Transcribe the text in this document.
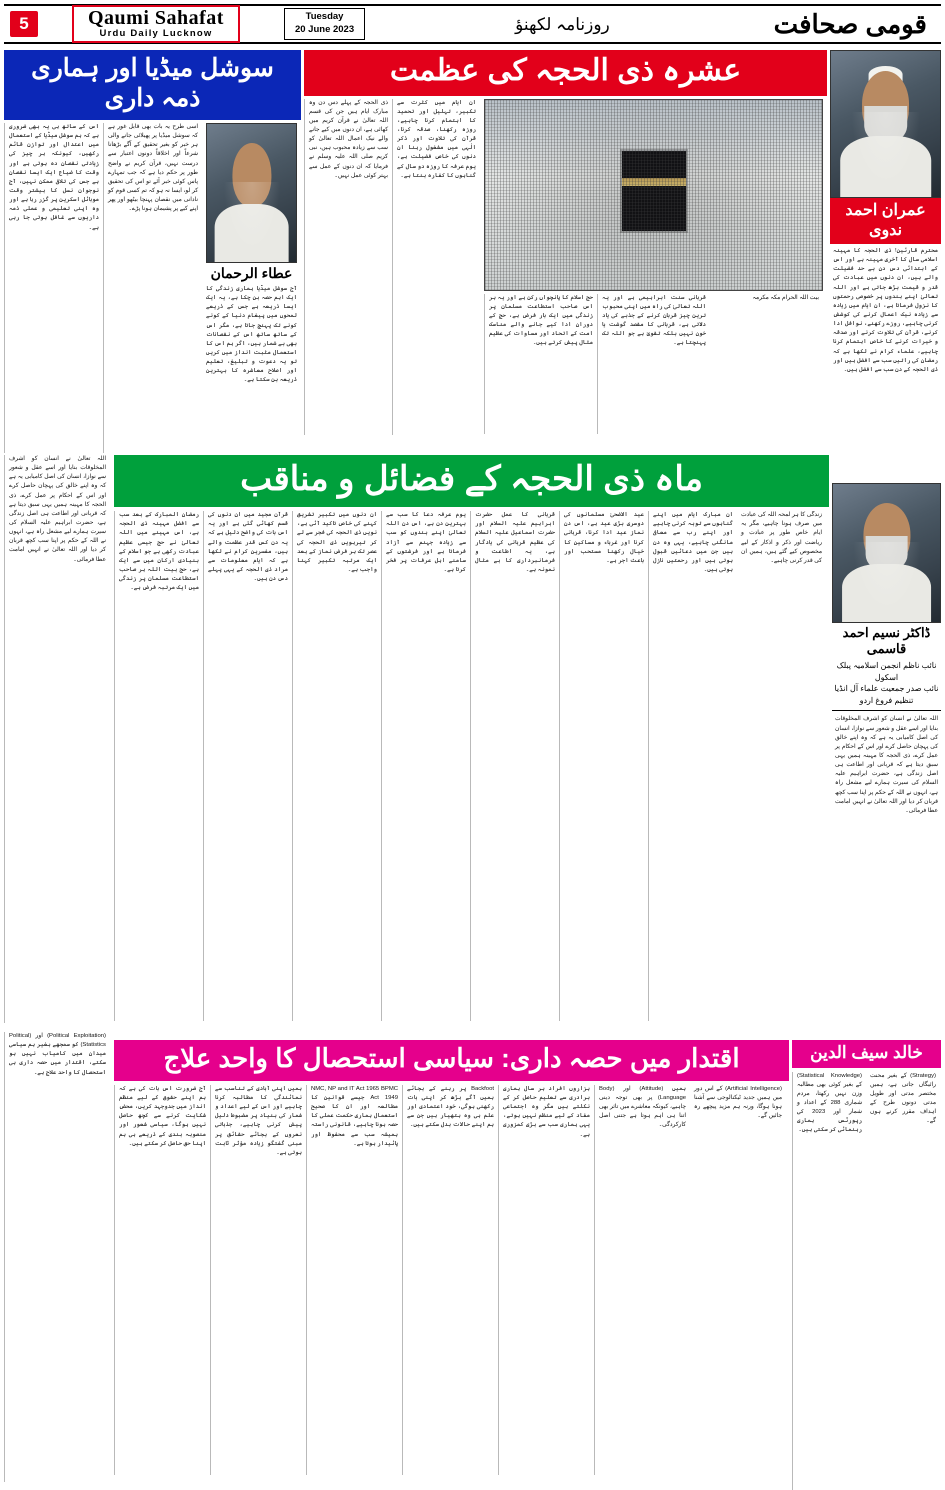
5	Qaumi Sahafat
Urdu Daily Lucknow
Tuesday
20 June 2023	روزنامہ لکھنؤ	قومی صحافت
سوشل میڈیا اور ہماری ذمہ داری
اس کے ساتھ ہی یہ بھی ضروری ہے کہ ہم سوشل میڈیا کے استعمال میں اعتدال اور توازن قائم رکھیں، کیونکہ ہر چیز کی زیادتی نقصان دہ ہوتی ہے اور وقت کا ضیاع ایک ایسا نقصان ہے جس کی تلافی ممکن نہیں، آج نوجوان نسل کا بیشتر وقت موبائل اسکرین پر گزر رہا ہے اور وہ اپنی تعلیمی و عملی ذمہ داریوں سے غافل ہوتی جا رہی ہے۔
اسی طرح یہ بات بھی قابل غور ہے کہ سوشل میڈیا پر پھیلائی جانے والی ہر خبر کو بغیر تحقیق کے آگے بڑھانا شرعاً اور اخلاقاً دونوں اعتبار سے درست نہیں، قرآن کریم نے واضح طور پر حکم دیا ہے کہ جب تمہارے پاس کوئی خبر آئے تو اس کی تحقیق کر لو، ایسا نہ ہو کہ تم کسی قوم کو نادانی میں نقصان پہنچا بیٹھو اور پھر اپنے کیے پر پشیمان ہونا پڑے۔
عطاء الرحمان
آج سوشل میڈیا ہماری زندگی کا ایک اہم حصہ بن چکا ہے، یہ ایک ایسا ذریعہ ہے جس کے ذریعے لمحوں میں پیغام دنیا کے کونے کونے تک پہنچ جاتا ہے، مگر اس کے ساتھ ساتھ اس کے نقصانات بھی بے شمار ہیں، اگر ہم اس کا استعمال مثبت انداز میں کریں تو یہ دعوت و تبلیغ، تعلیم اور اصلاح معاشرہ کا بہترین ذریعہ بن سکتا ہے۔
عشرہ ذی الحجہ کی عظمت
ذی الحجہ کے پہلے دس دن وہ مبارک ایام ہیں جن کی قسم اللہ تعالیٰ نے قرآن کریم میں کھائی ہے، ان دنوں میں کیے جانے والے نیک اعمال اللہ تعالیٰ کو سب سے زیادہ محبوب ہیں، نبی کریم صلی اللہ علیہ وسلم نے فرمایا کہ ان دنوں کے عمل سے بہتر کوئی عمل نہیں۔
ان ایام میں کثرت سے تکبیر، تہلیل اور تحمید کا اہتمام کرنا چاہیے، روزہ رکھنا، صدقہ کرنا، قرآن کی تلاوت اور ذکر الٰہی میں مشغول رہنا ان دنوں کی خاص فضیلت ہے، یوم عرفہ کا روزہ دو سال کے گناہوں کا کفارہ بنتا ہے۔
حج اسلام کا پانچواں رکن ہے اور یہ ہر اس صاحب استطاعت مسلمان پر زندگی میں ایک بار فرض ہے، حج کے دوران ادا کیے جانے والے مناسک امت کے اتحاد اور مساوات کی عظیم مثال پیش کرتے ہیں۔
قربانی سنت ابراہیمی ہے اور یہ اللہ تعالیٰ کی راہ میں اپنی محبوب ترین چیز قربان کرنے کے جذبے کی یاد دلاتی ہے، قربانی کا مقصد گوشت یا خون نہیں بلکہ تقویٰ ہے جو اللہ تک پہنچتا ہے۔
بیت اللہ الحرام مکہ مکرمہ
عمران احمد ندوی
محترم قارئین! ذی الحجہ کا مہینہ اسلامی سال کا آخری مہینہ ہے اور اس کے ابتدائی دس دن بے حد فضیلت والے ہیں، ان دنوں میں عبادت کی قدر و قیمت بڑھ جاتی ہے اور اللہ تعالیٰ اپنے بندوں پر خصوصی رحمتوں کا نزول فرماتا ہے، ان ایام میں زیادہ سے زیادہ نیک اعمال کرنے کی کوشش کرنی چاہیے، روزے رکھنے، نوافل ادا کرنے، قرآن کی تلاوت کرنے اور صدقہ و خیرات کرنے کا خاص اہتمام کرنا چاہیے، علماء کرام نے لکھا ہے کہ رمضان کی راتیں سب سے افضل ہیں اور ذی الحجہ کے دن سب سے افضل ہیں۔
اللہ تعالیٰ نے انسان کو اشرف المخلوقات بنایا اور اسے عقل و شعور سے نوازا، انسان کی اصل کامیابی یہ ہے کہ وہ اپنے خالق کی پہچان حاصل کرے اور اس کے احکام پر عمل کرے، ذی الحجہ کا مہینہ ہمیں یہی سبق دیتا ہے کہ قربانی اور اطاعت ہی اصل زندگی ہے، حضرت ابراہیم علیہ السلام کی سیرت ہمارے لیے مشعل راہ ہے، انہوں نے اللہ کے حکم پر اپنا سب کچھ قربان کر دیا اور اللہ تعالیٰ نے انہیں امامت عطا فرمائی۔
ماہ ذی الحجہ کے فضائل و مناقب
رمضان المبارک کے بعد سب سے افضل مہینہ ذی الحجہ ہے، اس مہینے میں اللہ تعالیٰ نے حج جیسی عظیم عبادت رکھی ہے جو اسلام کے بنیادی ارکان میں سے ایک ہے، حج بیت اللہ ہر صاحب استطاعت مسلمان پر زندگی میں ایک مرتبہ فرض ہے۔
قرآن مجید میں ان دنوں کی قسم کھائی گئی ہے اور یہ اس بات کی واضح دلیل ہے کہ یہ دن کس قدر عظمت والے ہیں، مفسرین کرام نے لکھا ہے کہ ایام معلومات سے مراد ذی الحجہ کے یہی پہلے دس دن ہیں۔
ان دنوں میں تکبیر تشریق کہنے کی خاص تاکید آئی ہے، نویں ذی الحجہ کی فجر سے لے کر تیرہویں ذی الحجہ کی عصر تک ہر فرض نماز کے بعد ایک مرتبہ تکبیر کہنا واجب ہے۔
یوم عرفہ دعا کا سب سے بہترین دن ہے، اس دن اللہ تعالیٰ اپنے بندوں کو سب سے زیادہ جہنم سے آزاد فرماتا ہے اور فرشتوں کے سامنے اہل عرفات پر فخر کرتا ہے۔
قربانی کا عمل حضرت ابراہیم علیہ السلام اور حضرت اسماعیل علیہ السلام کی عظیم قربانی کی یادگار ہے، یہ اطاعت و فرمانبرداری کا بے مثال نمونہ ہے۔
عید الاضحیٰ مسلمانوں کی دوسری بڑی عید ہے، اس دن نماز عید ادا کرنا، قربانی کرنا اور غرباء و مساکین کا خیال رکھنا مستحب اور باعث اجر ہے۔
ان مبارک ایام میں اپنے گناہوں سے توبہ کرنی چاہیے اور اپنے رب سے معافی مانگنی چاہیے، یہی وہ دن ہیں جن میں دعائیں قبول ہوتی ہیں اور رحمتیں نازل ہوتی ہیں۔
زندگی کا ہر لمحہ اللہ کی عبادت میں صرف ہونا چاہیے، مگر یہ ایام خاص طور پر عبادت و ریاضت اور ذکر و اذکار کے لیے مخصوص کیے گئے ہیں، ہمیں ان کی قدر کرنی چاہیے۔
ڈاکٹر نسیم احمد قاسمی
نائب ناظم انجمن اسلامیہ پبلک اسکول
نائب صدر جمعیت علماء آل انڈیا تنظیم فروغ اردو
اللہ تعالیٰ نے انسان کو اشرف المخلوقات بنایا اور اسے عقل و شعور سے نوازا، انسان کی اصل کامیابی یہ ہے کہ وہ اپنے خالق کی پہچان حاصل کرے اور اس کے احکام پر عمل کرے، ذی الحجہ کا مہینہ ہمیں یہی سبق دیتا ہے کہ قربانی اور اطاعت ہی اصل زندگی ہے، حضرت ابراہیم علیہ السلام کی سیرت ہمارے لیے مشعل راہ ہے، انہوں نے اللہ کے حکم پر اپنا سب کچھ قربان کر دیا اور اللہ تعالیٰ نے انہیں امامت عطا فرمائی۔
(Political Exploitation) اور (Political Statistics) کو سمجھے بغیر ہم سیاسی میدان میں کامیاب نہیں ہو سکتے، اقتدار میں حصہ داری ہی استحصال کا واحد علاج ہے۔	اقتدار میں حصہ داری: سیاسی استحصال کا واحد علاج
آج ضرورت اس بات کی ہے کہ ہم اپنے حقوق کے لیے منظم انداز میں جدوجہد کریں، محض شکایت کرنے سے کچھ حاصل نہیں ہوگا، سیاسی شعور اور منصوبہ بندی کے ذریعے ہی ہم اپنا حق حاصل کر سکتے ہیں۔
ہمیں اپنی آبادی کے تناسب سے نمائندگی کا مطالبہ کرنا چاہیے اور اس کے لیے اعداد و شمار کی بنیاد پر مضبوط دلیل پیش کرنی چاہیے، جذباتی نعروں کے بجائے حقائق پر مبنی گفتگو زیادہ مؤثر ثابت ہوتی ہے۔
NMC, NP and IT Act 1965 BPMC Act 1949 جیسے قوانین کا مطالعہ اور ان کا صحیح استعمال ہماری حکمت عملی کا حصہ ہونا چاہیے، قانونی راستہ ہمیشہ سب سے محفوظ اور پائیدار ہوتا ہے۔
Backfoot پر رہنے کے بجائے ہمیں آگے بڑھ کر اپنی بات رکھنی ہوگی، خود اعتمادی اور علم ہی وہ ہتھیار ہیں جن سے ہم اپنے حالات بدل سکتے ہیں۔
ہزاروں افراد ہر سال ہماری برادری سے تعلیم حاصل کر کے نکلتے ہیں مگر وہ اجتماعی مفاد کے لیے منظم نہیں ہوتے، یہی ہماری سب سے بڑی کمزوری ہے۔
ہمیں (Attitude) اور (Body Language) پر بھی توجہ دینی چاہیے، کیونکہ معاشرے میں تاثر بھی اتنا ہی اہم ہوتا ہے جتنی اصل کارکردگی۔
(Artificial Intelligence) کے اس دور میں ہمیں جدید ٹیکنالوجی سے آشنا ہونا ہوگا، ورنہ ہم مزید پیچھے رہ جائیں گے۔
خالد سیف الدین
(Statistical Knowledge) کے بغیر کوئی بھی مطالبہ وزن نہیں رکھتا، مردم شماری 288 کے اعداد و شمار اور 2023 کی رپورٹس ہماری رہنمائی کر سکتی ہیں۔
(Strategy) کے بغیر محنت رائیگاں جاتی ہے، ہمیں مختصر مدتی اور طویل مدتی دونوں طرح کے اہداف مقرر کرنے ہوں گے۔
